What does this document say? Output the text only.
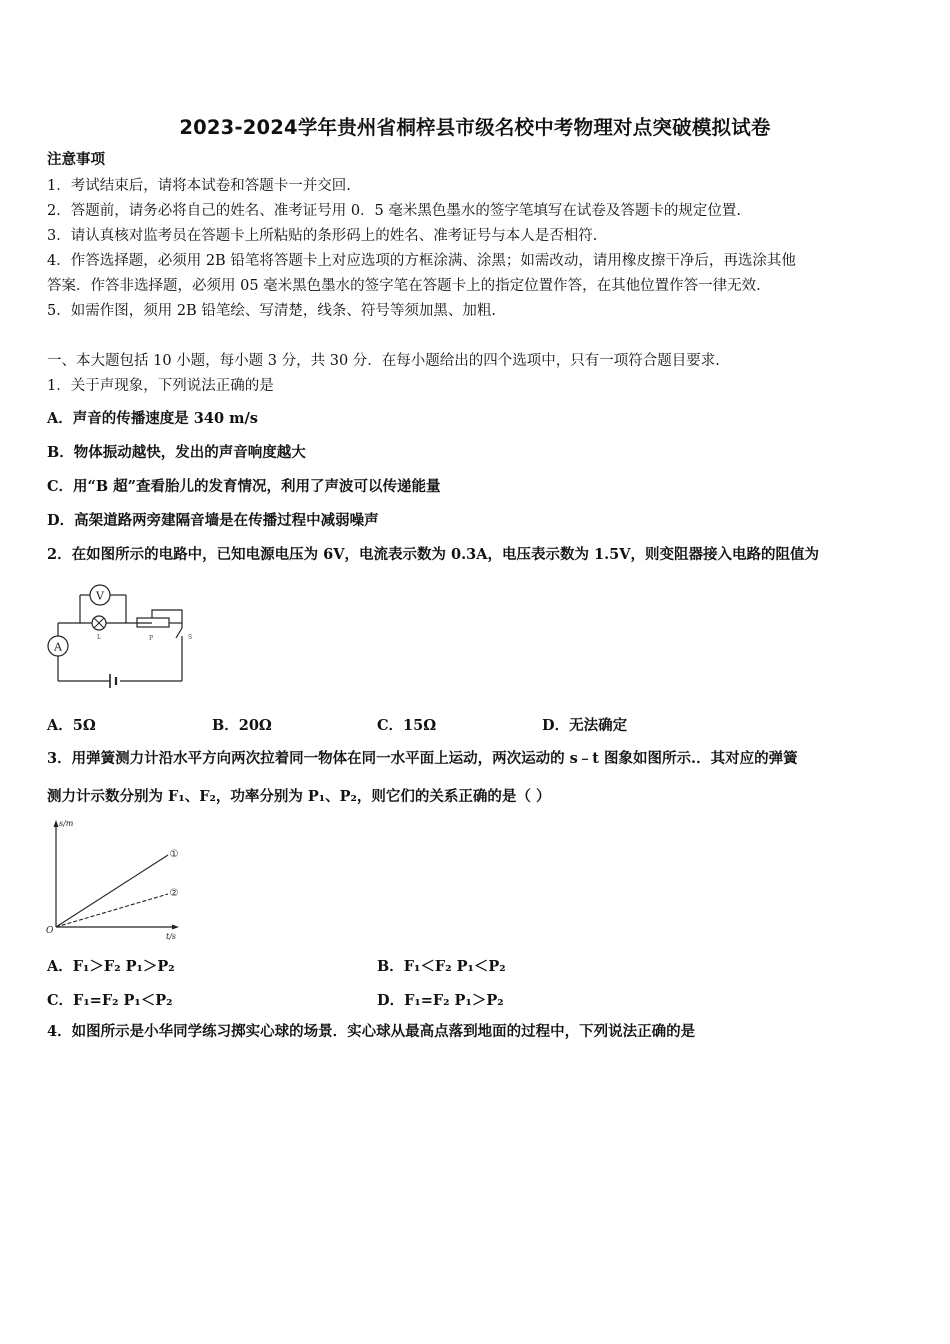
2023-2024学年贵州省桐梓县市级名校中考物理对点突破模拟试卷
注意事项
1．考试结束后，请将本试卷和答题卡一并交回.
2．答题前，请务必将自己的姓名、准考证号用 0．5 毫米黑色墨水的签字笔填写在试卷及答题卡的规定位置.
3．请认真核对监考员在答题卡上所粘贴的条形码上的姓名、准考证号与本人是否相符.
4．作答选择题，必须用 2B 铅笔将答题卡上对应选项的方框涂满、涂黑；如需改动，请用橡皮擦干净后，再选涂其他
答案．作答非选择题，必须用 05 毫米黑色墨水的签字笔在答题卡上的指定位置作答，在其他位置作答一律无效.
5．如需作图，须用 2B 铅笔绘、写清楚，线条、符号等须加黑、加粗.
一、本大题包括 10 小题，每小题 3 分，共 30 分．在每小题给出的四个选项中，只有一项符合题目要求.
1．关于声现象，下列说法正确的是
A．声音的传播速度是 340 m/s
B．物体振动越快，发出的声音响度越大
C．用“B 超”查看胎儿的发育情况，利用了声波可以传递能量
D．高架道路两旁建隔音墙是在传播过程中减弱噪声
2．在如图所示的电路中，已知电源电压为 6V，电流表示数为 0.3A，电压表示数为 1.5V，则变阻器接入电路的阻值为
V
L
A
P	S
A．5Ω	B．20Ω	C．15Ω	D．无法确定
3．用弹簧测力计沿水平方向两次拉着同一物体在同一水平面上运动，两次运动的 s﹣t 图象如图所示.．其对应的弹簧
测力计示数分别为 F₁、F₂，功率分别为 P₁、P₂，则它们的关系正确的是（ ）
s/m
t/s
O
①
②
A．F₁＞F₂ P₁＞P₂	B．F₁＜F₂ P₁＜P₂
C．F₁=F₂ P₁＜P₂	D．F₁=F₂ P₁＞P₂
4．如图所示是小华同学练习掷实心球的场景．实心球从最高点落到地面的过程中，下列说法正确的是
